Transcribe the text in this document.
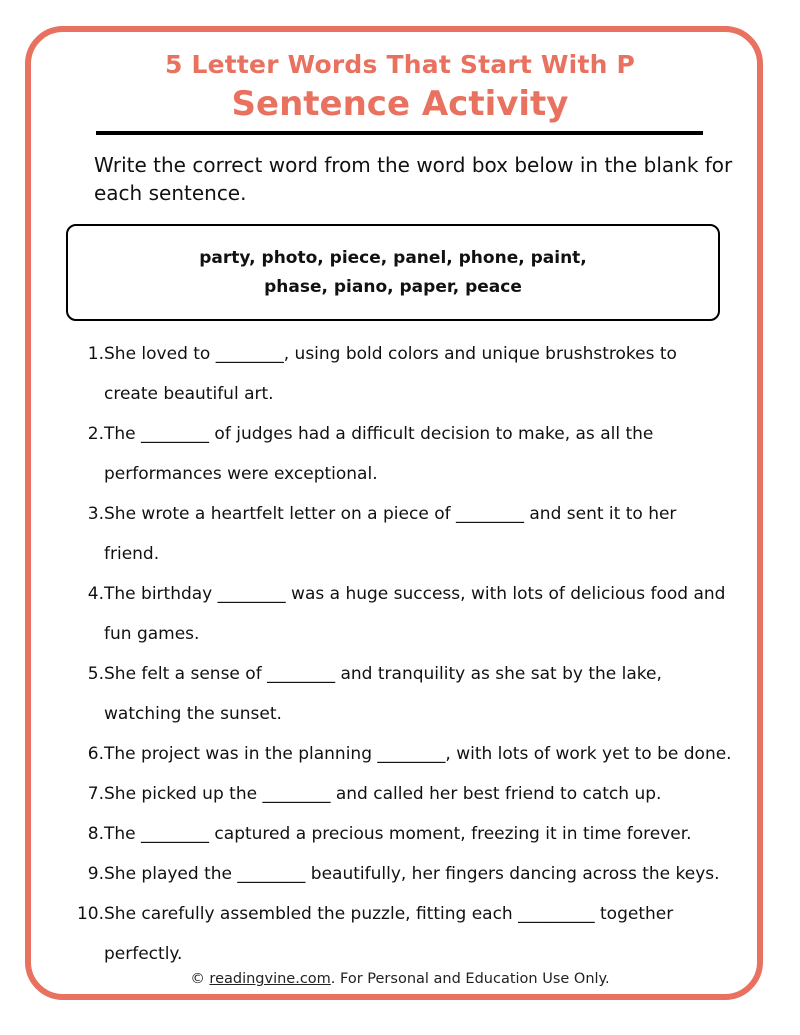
5 Letter Words That Start With P
Sentence Activity
Write the correct word from the word box below in the blank for each sentence.
party, photo, piece, panel, phone, paint,
phase, piano, paper, peace
1. She loved to ________, using bold colors and unique brushstrokes to create beautiful art.
2. The ________ of judges had a difficult decision to make, as all the performances were exceptional.
3. She wrote a heartfelt letter on a piece of ________ and sent it to her friend.
4. The birthday ________ was a huge success, with lots of delicious food and fun games.
5. She felt a sense of ________ and tranquility as she sat by the lake, watching the sunset.
6. The project was in the planning ________, with lots of work yet to be done.
7. She picked up the ________ and called her best friend to catch up.
8. The ________ captured a precious moment, freezing it in time forever.
9. She played the ________ beautifully, her fingers dancing across the keys.
10. She carefully assembled the puzzle, fitting each _________ together perfectly.
© readingvine.com. For Personal and Education Use Only.
